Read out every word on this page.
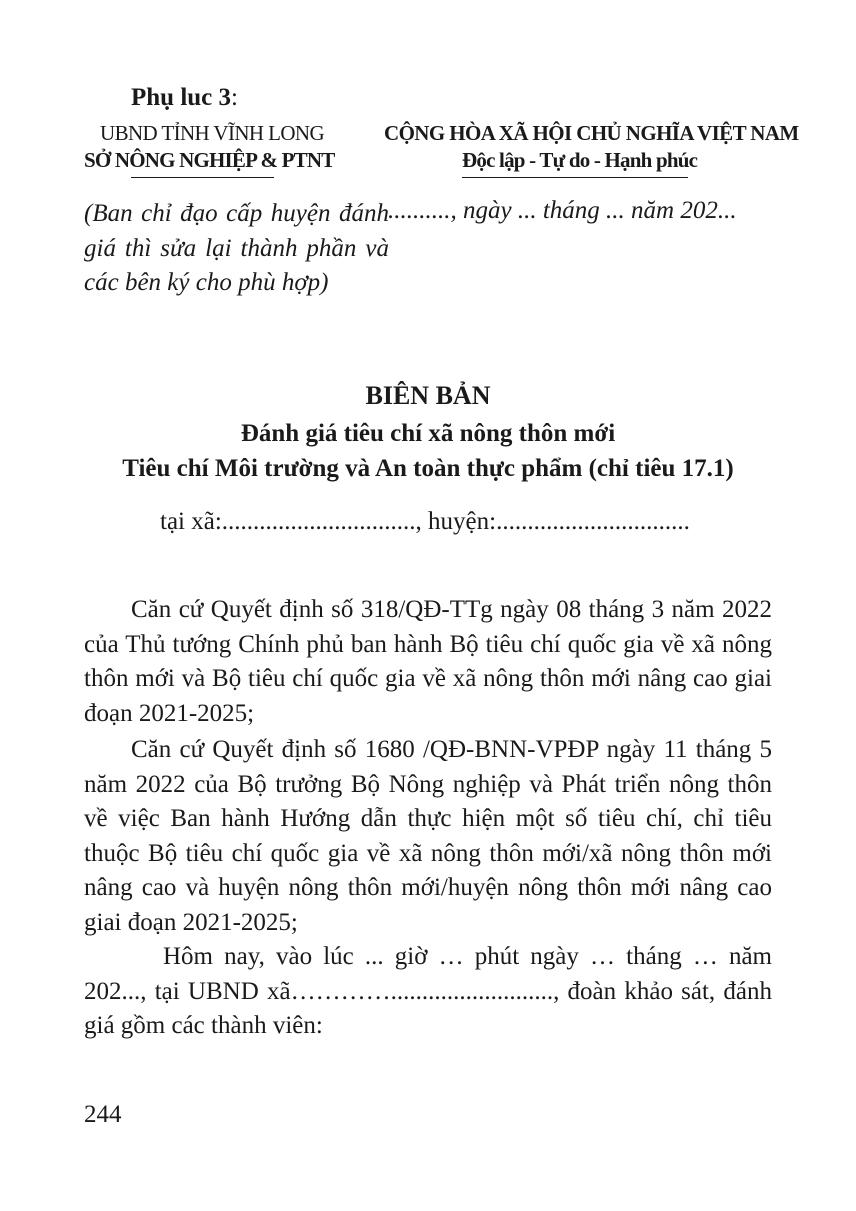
Phụ luc 3:
UBND TỈNH VĨNH LONG
SỞ NÔNG NGHIỆP & PTNT
CỘNG HÒA XÃ HỘI CHỦ NGHĨA VIỆT NAM
Độc lập - Tự do - Hạnh phúc
(Ban chỉ đạo cấp huyện đánh giá thì sửa lại thành phần và các bên ký cho phù hợp)
.........., ngày ... tháng ... năm 202...
BIÊN BẢN
Đánh giá tiêu chí xã nông thôn mới
Tiêu chí Môi trường và An toàn thực phẩm (chỉ tiêu 17.1)
tại xã:..............................., huyện:...............................
Căn cứ Quyết định số 318/QĐ-TTg ngày 08 tháng 3 năm 2022 của Thủ tướng Chính phủ ban hành Bộ tiêu chí quốc gia về xã nông thôn mới và Bộ tiêu chí quốc gia về xã nông thôn mới nâng cao giai đoạn 2021-2025;
Căn cứ Quyết định số 1680 /QĐ-BNN-VPĐP ngày 11 tháng 5 năm 2022 của Bộ trưởng Bộ Nông nghiệp và Phát triển nông thôn về việc Ban hành Hướng dẫn thực hiện một số tiêu chí, chỉ tiêu thuộc Bộ tiêu chí quốc gia về xã nông thôn mới/xã nông thôn mới nâng cao và huyện nông thôn mới/huyện nông thôn mới nâng cao giai đoạn 2021-2025;
Hôm nay, vào lúc ... giờ … phút ngày … tháng … năm 202..., tại UBND xã………….........................., đoàn khảo sát, đánh giá gồm các thành viên:
244
